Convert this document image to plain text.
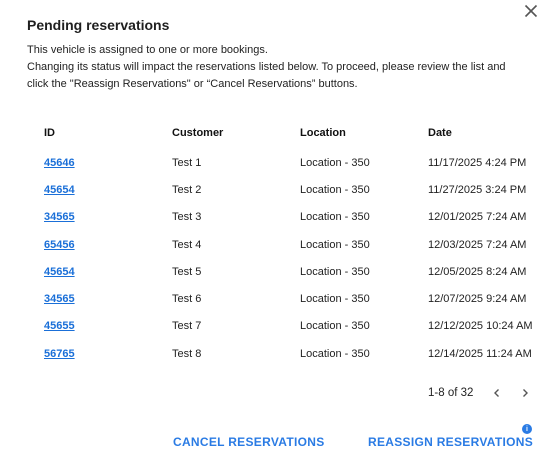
Pending reservations

This vehicle is assigned to one or more bookings.

Changing its status will impact the reservations listed below. To proceed, please review the list and click the "Reassign Reservations" or “Cancel Reservations” buttons.

ID	Customer	Location	Date
45646	Test 1	Location - 350	11/17/2025 4:24 PM
45654	Test 2	Location - 350	11/27/2025 3:24 PM
34565	Test 3	Location - 350	12/01/2025 7:24 AM
65456	Test 4	Location - 350	12/03/2025 7:24 AM
45654	Test 5	Location - 350	12/05/2025 8:24 AM
34565	Test 6	Location - 350	12/07/2025 9:24 AM
45655	Test 7	Location - 350	12/12/2025 10:24 AM
56765	Test 8	Location - 350	12/14/2025 11:24 AM
1-8 of 32
CANCEL RESERVATIONS	REASSIGN RESERVATIONS
i
